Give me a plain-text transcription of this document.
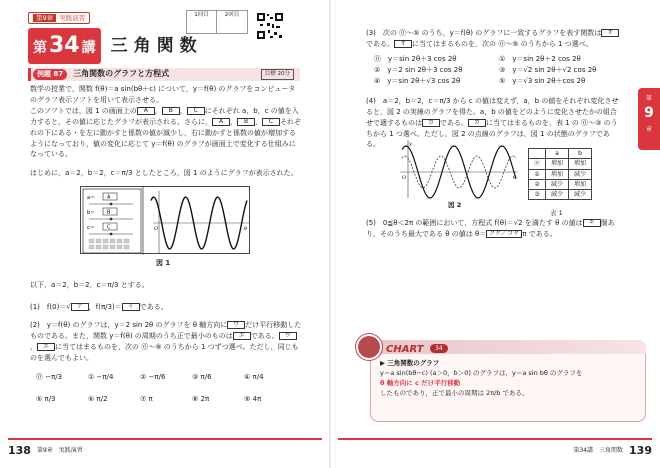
第9章 実践演習
第 34 講 三角関数
1回目	2回目
例題 87	三角関数のグラフと方程式	目標 20分
数学の授業で，関数 f(θ)＝a sin(bθ＋c) について，y＝f(θ) のグラフをコンピュータのグラフ表示ソフトを用いて表示させる。
このソフトでは，図 1 の画面上の A ， B ， C にそれぞれ a，b，c の値を入力すると，その値に応じたグラフが表示される。さらに， A ， B ， C それぞれの下にある・を左に動かすと係数の値が減少し，右に動かすと係数の値が増加するようになっており，値の変化に応じて y＝f(θ) のグラフが画面上で変化する仕組みになっている。
はじめに，a＝2，b＝2，c＝π/3 としたところ，図 1 のようにグラフが表示された。
a＝ A
b＝ B
c＝ C	O	θ
図 1
以下，a＝2，b＝2，c＝π/3 とする。
(1)　f(0)＝√ ア ，f(π/3)＝ イ である。
(2)　y＝f(θ) のグラフは，y＝2 sin 2θ のグラフを θ 軸方向に ウ だけ平行移動したものである。また，関数 y＝f(θ) の周期のうち正で最小のものは エ である。 ウ， エ に当てはまるものを，次の ⓪～⑨ のうちから 1 つずつ選べ。ただし，同じものを選んでもよい。
⓪ −π/3	① −π/4	② −π/6	③ π/6	④ π/4
⑤ π/3	⑥ π/2	⑦ π	⑧ 2π	⑨ 4π
138 第9章　実践演習
第
9
章
(3)　次の ⓪～⑤ のうち，y＝f(θ) のグラフに一致するグラフを表す関数は オである。 オ に当てはまるものを，次の ⓪～⑤ のうちから 1 つ選べ。
⓪　y＝sin 2θ＋3 cos 2θ	①　y＝sin 2θ＋2 cos 2θ
②　y＝2 sin 2θ＋3 cos 2θ	③　y＝√2 sin 2θ＋√2 cos 2θ
④　y＝sin 2θ＋√3 cos 2θ	⑤　y＝√3 sin 2θ＋cos 2θ
(4)　a＝2，b＝2，c＝π/3 から c の値は変えず，a，b の値をそれぞれ変化させると，図 2 の実線のグラフを得た。a，b の値をどのように変化させたかの組合せで適するものは カ である。 カ に当てはまるものを，表 1 の ⓪～③ のうちから 1 つ選べ。ただし，図 2 の点線のグラフは，図 1 の状態のグラフである。	y
O	θ
図 2
	a	b
⓪	増加	増加
①	増加	減少
②	減少	増加
③	減少	減少
表 1
(5)　0≦θ＜2π の範囲において，方程式 f(θ)＝√2 を満たす θ の値は キ 個あり，そのうち最大である θ の値は θ＝ クケ／コサ π である。
CHART	34
▶ 三角関数のグラフ
y＝a sin(bθ−c) (a＞0，b＞0) のグラフは，y＝a sin bθ のグラフを
θ 軸方向に c だけ平行移動
したものであり，正で最小の周期は 2π/b である。
第34講　三角関数 139
